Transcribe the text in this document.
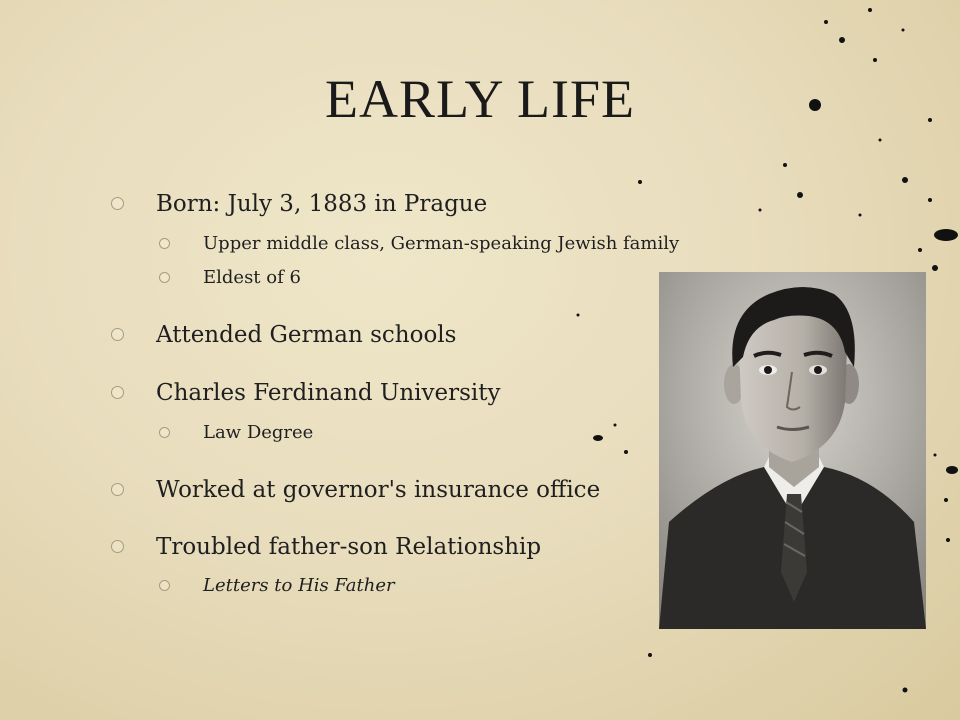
EARLY LIFE
Born: July 3, 1883 in Prague
Upper middle class, German-speaking Jewish family
Eldest of 6
Attended German schools
Charles Ferdinand University
Law Degree
Worked at governor's insurance office
Troubled father-son Relationship
Letters to His Father
